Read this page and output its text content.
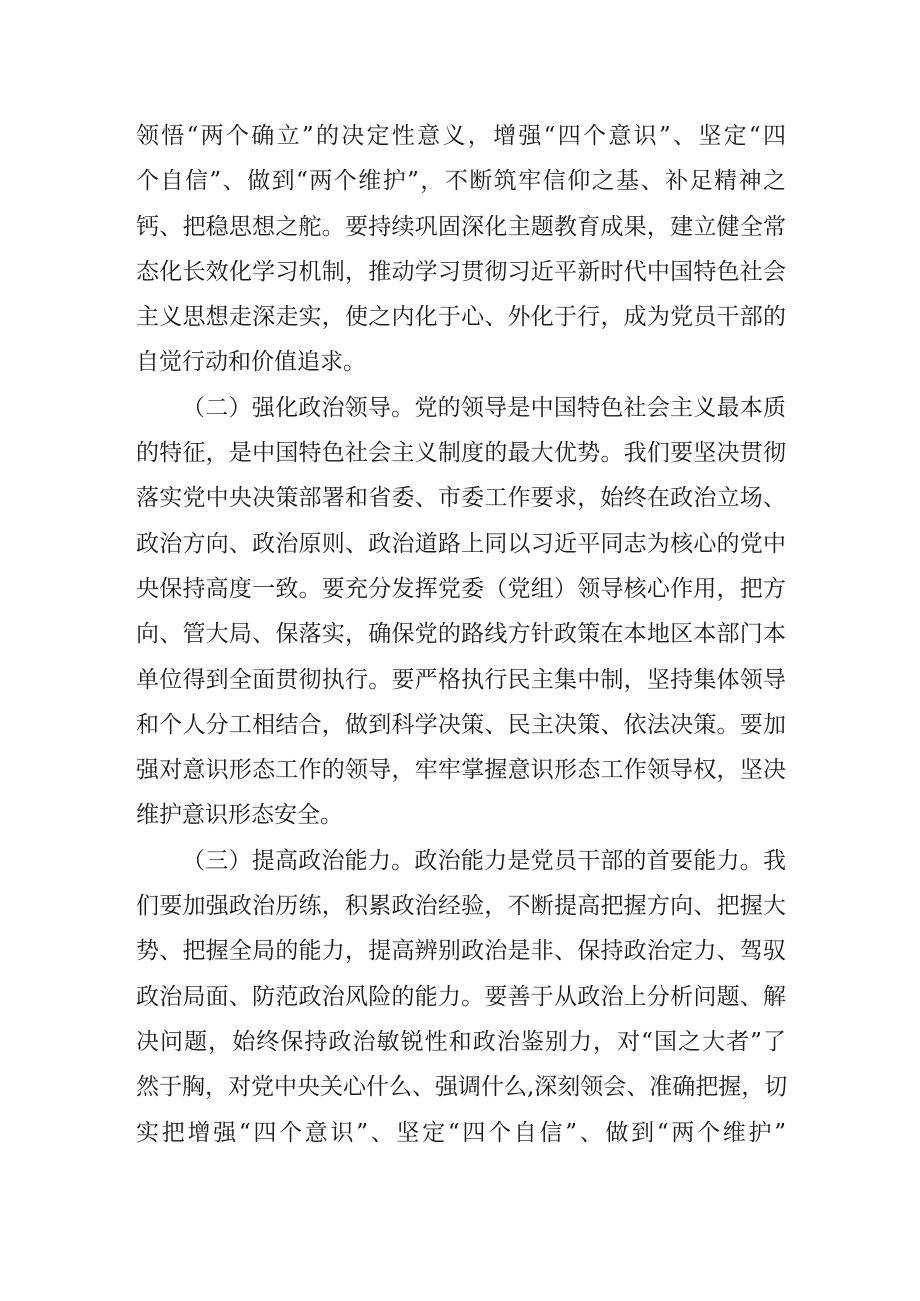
领悟“两个确立”的决定性意义，增强“四个意识”、坚定“四
个自信”、做到“两个维护”，不断筑牢信仰之基、补足精神之
钙、把稳思想之舵。要持续巩固深化主题教育成果，建立健全常
态化长效化学习机制，推动学习贯彻习近平新时代中国特色社会
主义思想走深走实，使之内化于心、外化于行，成为党员干部的
自觉行动和价值追求。
（二）强化政治领导。党的领导是中国特色社会主义最本质
的特征，是中国特色社会主义制度的最大优势。我们要坚决贯彻
落实党中央决策部署和省委、市委工作要求，始终在政治立场、
政治方向、政治原则、政治道路上同以习近平同志为核心的党中
央保持高度一致。要充分发挥党委（党组）领导核心作用，把方
向、管大局、保落实，确保党的路线方针政策在本地区本部门本
单位得到全面贯彻执行。要严格执行民主集中制，坚持集体领导
和个人分工相结合，做到科学决策、民主决策、依法决策。要加
强对意识形态工作的领导，牢牢掌握意识形态工作领导权，坚决
维护意识形态安全。
（三）提高政治能力。政治能力是党员干部的首要能力。我
们要加强政治历练，积累政治经验，不断提高把握方向、把握大
势、把握全局的能力，提高辨别政治是非、保持政治定力、驾驭
政治局面、防范政治风险的能力。要善于从政治上分析问题、解
决问题，始终保持政治敏锐性和政治鉴别力，对“国之大者”了
然于胸，对党中央关心什么、强调什么,深刻领会、准确把握，切
实把增强“四个意识”、坚定“四个自信”、做到“两个维护”
